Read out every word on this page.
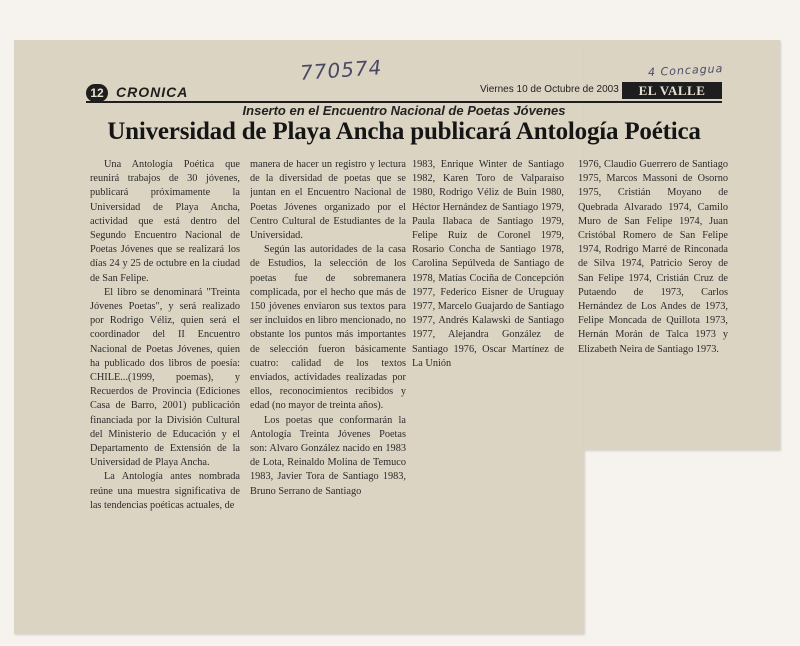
770574	4 Concagua
12 CRONICA	Viernes 10 de Octubre de 2003	EL VALLE
Inserto en el Encuentro Nacional de Poetas Jóvenes
Universidad de Playa Ancha publicará Antología Poética

Una Antología Poética que reunirá trabajos de 30 jóvenes, publicará próximamente la Universidad de Playa Ancha, actividad que está dentro del Segundo Encuentro Nacional de Poetas Jóvenes que se realizará los días 24 y 25 de octubre en la ciudad de San Felipe.

El libro se denominará "Treinta Jóvenes Poetas", y será realizado por Rodrigo Véliz, quien será el coordinador del II Encuentro Nacional de Poetas Jóvenes, quien ha publicado dos libros de poesía: CHILE...(1999, poemas), y Recuerdos de Provincia (Ediciones Casa de Barro, 2001) publicación financiada por la División Cultural del Ministerio de Educación y el Departamento de Extensión de la Universidad de Playa Ancha.

La Antología antes nombrada reúne una muestra significativa de las tendencias poéticas actuales, de

manera de hacer un registro y lectura de la diversidad de poetas que se juntan en el Encuentro Nacional de Poetas Jóvenes organizado por el Centro Cultural de Estudiantes de la Universidad.

Según las autoridades de la casa de Estudios, la selección de los poetas fue de sobremanera complicada, por el hecho que más de 150 jóvenes enviaron sus textos para ser incluidos en libro mencionado, no obstante los puntos más importantes de selección fueron básicamente cuatro: calidad de los textos enviados, actividades realizadas por ellos, reconocimientos recibidos y edad (no mayor de treinta años).

Los poetas que conformarán la Antología Treinta Jóvenes Poetas son: Alvaro González nacido en 1983 de Lota, Reinaldo Molina de Temuco 1983, Javier Tora de Santiago 1983, Bruno Serrano de Santiago

1983, Enrique Winter de Santiago 1982, Karen Toro de Valparaíso 1980, Rodrigo Véliz de Buin 1980, Héctor Hernández de Santiago 1979, Paula Ilabaca de Santiago 1979, Felipe Ruiz de Coronel 1979, Rosario Concha de Santiago 1978, Carolina Sepúlveda de Santiago de 1978, Matías Cociña de Concepción 1977, Federico Eisner de Uruguay 1977, Marcelo Guajardo de Santiago 1977, Andrés Kalawski de Santiago 1977, Alejandra González de Santiago 1976, Oscar Martínez de La Unión

1976, Claudio Guerrero de Santiago 1975, Marcos Massoni de Osorno 1975, Cristián Moyano de Quebrada Alvarado 1974, Camilo Muro de San Felipe 1974, Juan Cristóbal Romero de San Felipe 1974, Rodrigo Marré de Rinconada de Silva 1974, Patricio Seroy de San Felipe 1974, Cristián Cruz de Putaendo de 1973, Carlos Hernández de Los Andes de 1973, Felipe Moncada de Quillota 1973, Hernán Morán de Talca 1973 y Elizabeth Neira de Santiago 1973.
